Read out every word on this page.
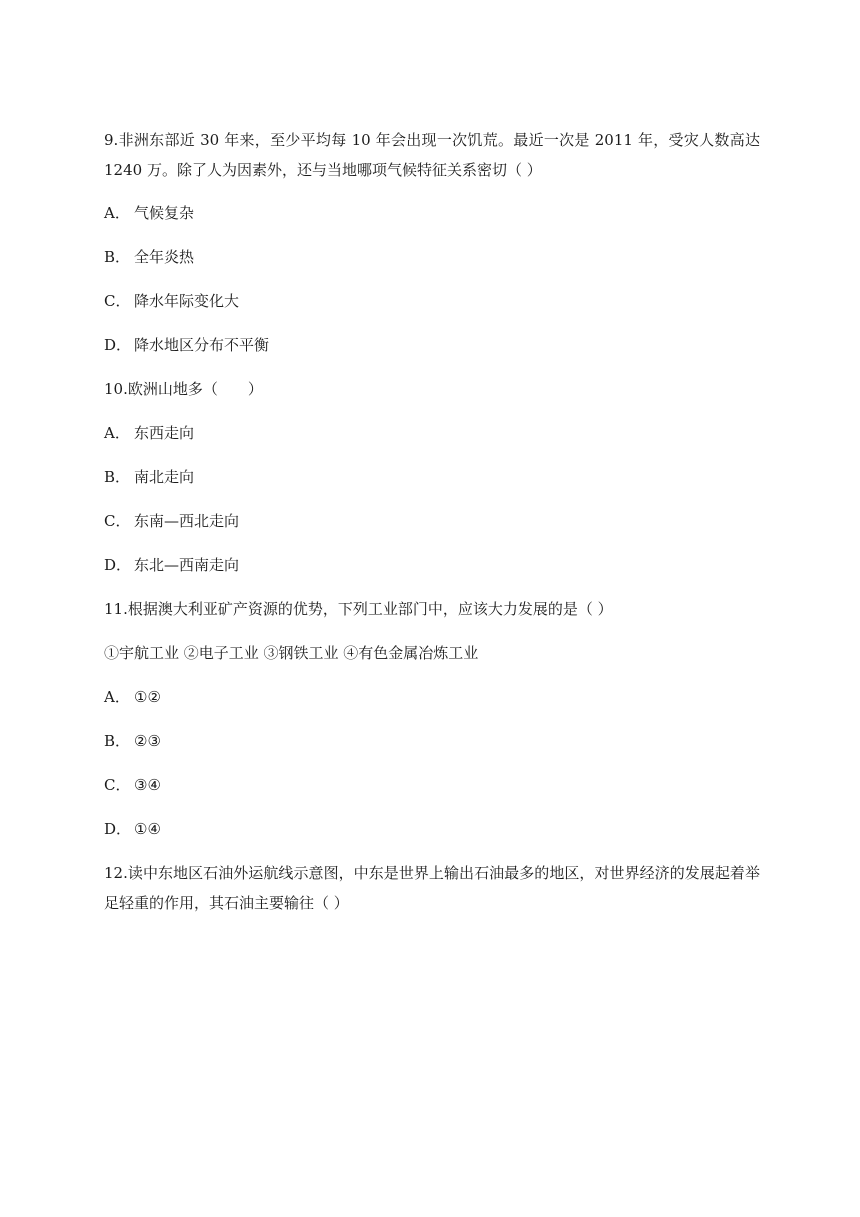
9.非洲东部近 30 年来，至少平均每 10 年会出现一次饥荒。最近一次是 2011 年，受灾人数高达 1240 万。除了人为因素外，还与当地哪项气候特征关系密切（ ）
A． 气候复杂
B． 全年炎热
C． 降水年际变化大
D． 降水地区分布不平衡
10.欧洲山地多（　　）
A． 东西走向
B． 南北走向
C． 东南—西北走向
D． 东北—西南走向
11.根据澳大利亚矿产资源的优势，下列工业部门中，应该大力发展的是（ ）
①宇航工业 ②电子工业 ③钢铁工业 ④有色金属冶炼工业
A． ①②
B． ②③
C． ③④
D． ①④
12.读中东地区石油外运航线示意图，中东是世界上输出石油最多的地区，对世界经济的发展起着举足轻重的作用，其石油主要输往（ ）
